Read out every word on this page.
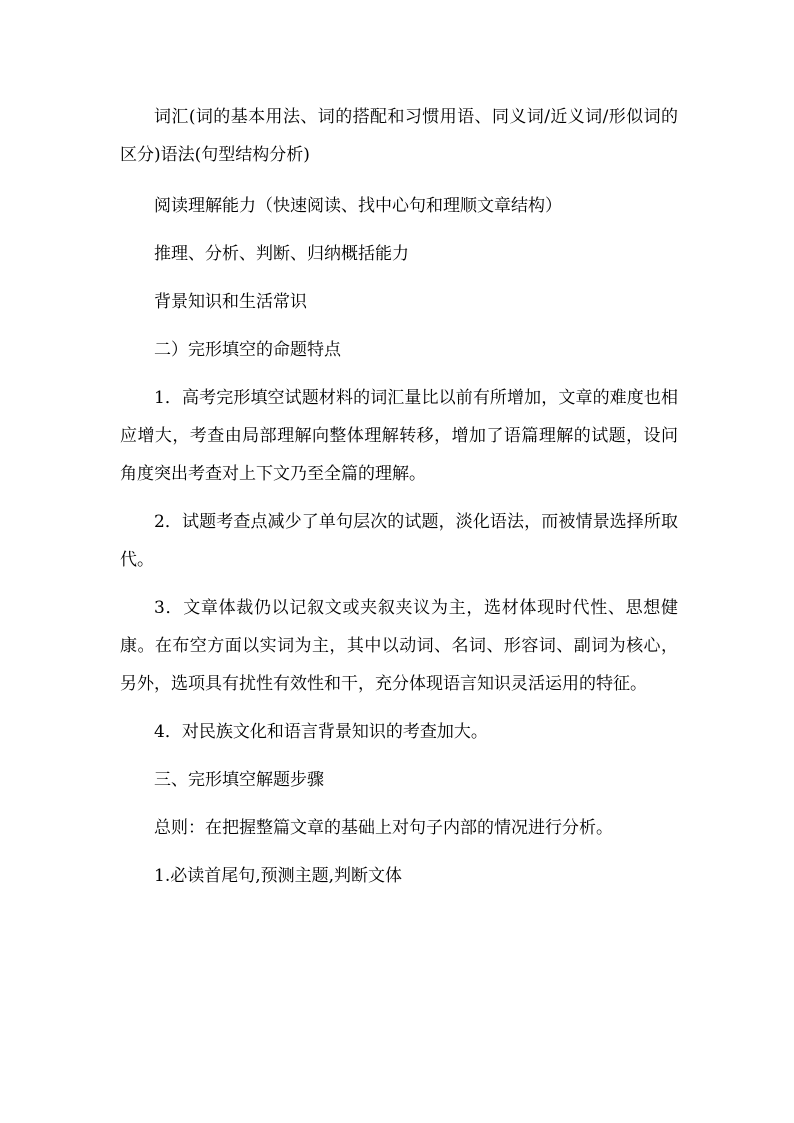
词汇(词的基本用法、词的搭配和习惯用语、同义词/近义词/形似词的区分)语法(句型结构分析)

阅读理解能力（快速阅读、找中心句和理顺文章结构）

推理、分析、判断、归纳概括能力

背景知识和生活常识

二）完形填空的命题特点

1．高考完形填空试题材料的词汇量比以前有所增加，文章的难度也相应增大，考查由局部理解向整体理解转移，增加了语篇理解的试题，设问角度突出考查对上下文乃至全篇的理解。

2．试题考查点减少了单句层次的试题，淡化语法，而被情景选择所取代。

3．文章体裁仍以记叙文或夹叙夹议为主，选材体现时代性、思想健康。在布空方面以实词为主，其中以动词、名词、形容词、副词为核心，另外，选项具有扰性有效性和干，充分体现语言知识灵活运用的特征。

4．对民族文化和语言背景知识的考查加大。

三、完形填空解题步骤

总则：在把握整篇文章的基础上对句子内部的情况进行分析。

1.必读首尾句,预测主题,判断文体
